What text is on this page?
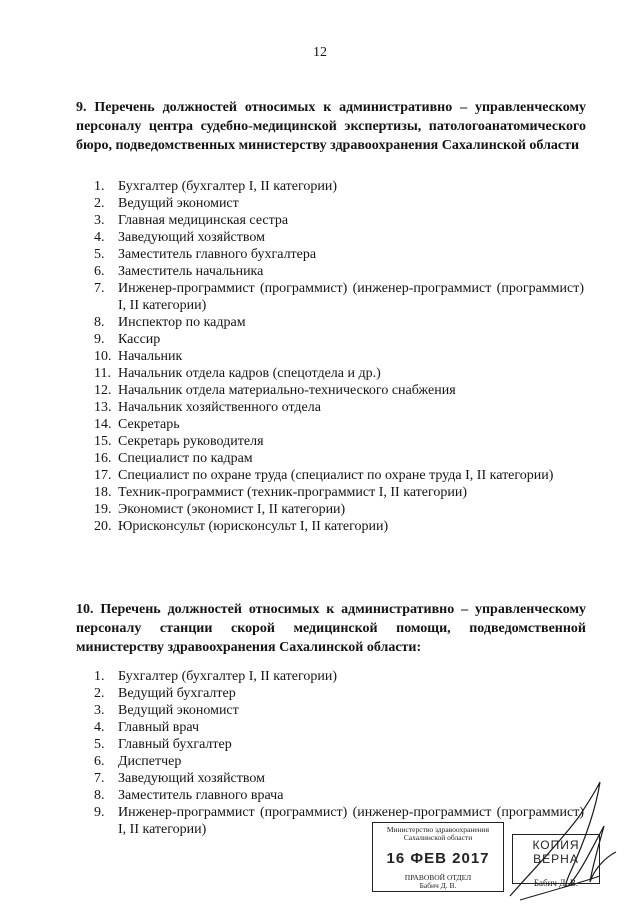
12
9. Перечень должностей относимых к административно – управленческому персоналу центра судебно-медицинской экспертизы, патологоанатомического бюро, подведомственных министерству здравоохранения Сахалинской области
1. Бухгалтер (бухгалтер I, II категории)
2. Ведущий экономист
3. Главная медицинская сестра
4. Заведующий хозяйством
5. Заместитель главного бухгалтера
6. Заместитель начальника
7. Инженер-программист (программист) (инженер-программист (программист) I, II категории)
8. Инспектор по кадрам
9. Кассир
10. Начальник
11. Начальник отдела кадров (спецотдела и др.)
12. Начальник отдела материально-технического снабжения
13. Начальник хозяйственного отдела
14. Секретарь
15. Секретарь руководителя
16. Специалист по кадрам
17. Специалист по охране труда (специалист по охране труда I, II категории)
18. Техник-программист (техник-программист I, II категории)
19. Экономист (экономист I, II категории)
20. Юрисконсульт (юрисконсульт I, II категории)
10. Перечень должностей относимых к административно – управленческому персоналу станции скорой медицинской помощи, подведомственной министерству здравоохранения Сахалинской области:
1. Бухгалтер (бухгалтер I, II категории)
2. Ведущий бухгалтер
3. Ведущий экономист
4. Главный врач
5. Главный бухгалтер
6. Диспетчер
7. Заведующий хозяйством
8. Заместитель главного врача
9. Инженер-программист (программист) (инженер-программист (программист) I, II категории)	Министерство здравоохранения Сахалинской области
16 ФЕВ 2017
ПРАВОВОЙ ОТДЕЛ
Бабич Д. В.
КОПИЯ ВЕРНА
Бабич Д. В.
